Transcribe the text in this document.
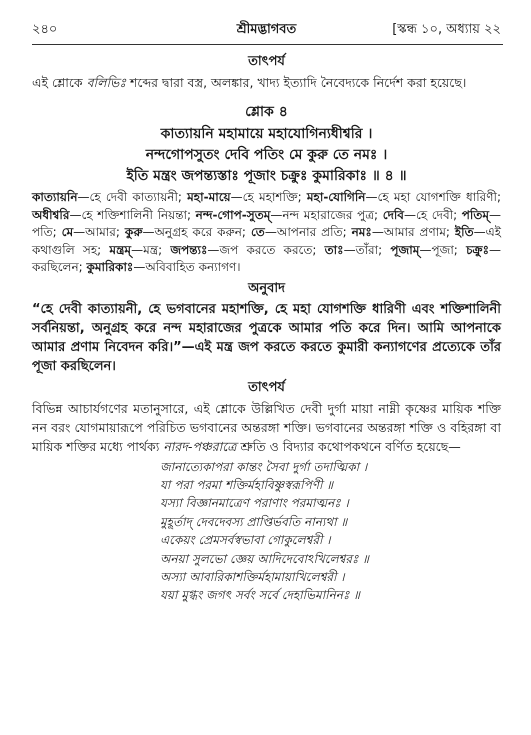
২৪০	শ্রীমদ্ভাগবত	[স্কন্ধ ১০, অধ্যায় ২২

তাৎপর্য

এই শ্লোকে বলিভিঃ শব্দের দ্বারা বস্ত্র, অলঙ্কার, খাদ্য ইত্যাদি নৈবেদ্যকে নির্দেশ করা হয়েছে।

শ্লোক ৪

কাত্যায়নি মহামায়ে মহাযোগিন্যধীশ্বরি ।

নন্দগোপসুতং দেবি পতিং মে কুরু তে নমঃ ।

ইতি মন্ত্রং জপন্ত্যস্তাঃ পূজাং চক্রুঃ কুমারিকাঃ ॥ ৪ ॥

কাত্যায়নি—হে দেবী কাত্যায়নী; মহা-মায়ে—হে মহাশক্তি; মহা-যোগিনি—হে মহা যোগশক্তি ধারিণী; অধীশ্বরি—হে শক্তিশালিনী নিয়ন্তা; নন্দ-গোপ-সুতম্—নন্দ মহারাজের পুত্র; দেবি—হে দেবী; পতিম্—পতি; মে—আমার; কুরু—অনুগ্রহ করে করুন; তে—আপনার প্রতি; নমঃ—আমার প্রণাম; ইতি—এই কথাগুলি সহ; মন্ত্রম্—মন্ত্র; জপন্ত্যঃ—জপ করতে করতে; তাঃ—তাঁরা; পূজাম্—পূজা; চক্রুঃ—করছিলেন; কুমারিকাঃ—অবিবাহিত কন্যাগণ।

অনুবাদ

“হে দেবী কাত্যায়নী, হে ভগবানের মহাশক্তি, হে মহা যোগশক্তি ধারিণী এবং শক্তিশালিনী সর্বনিয়ন্তা, অনুগ্রহ করে নন্দ মহারাজের পুত্রকে আমার পতি করে দিন। আমি আপনাকে আমার প্রণাম নিবেদন করি।”—এই মন্ত্র জপ করতে করতে কুমারী কন্যাগণের প্রত্যেকে তাঁর পূজা করছিলেন।

তাৎপর্য

বিভিন্ন আচার্যগণের মতানুসারে, এই শ্লোকে উল্লিখিত দেবী দুর্গা মায়া নাম্নী কৃষ্ণের মায়িক শক্তি নন বরং যোগমায়ারূপে পরিচিত ভগবানের অন্তরঙ্গা শক্তি। ভগবানের অন্তরঙ্গা শক্তি ও বহিরঙ্গা বা মায়িক শক্তির মধ্যে পার্থক্য নারদ-পঞ্চরাত্রে শ্রুতি ও বিদ্যার কথোপকথনে বর্ণিত হয়েছে—

জানাত্যেকাপরা কান্তং সৈবা দুর্গা তদাত্মিকা ।

যা পরা পরমা শক্তির্মহাবিষ্ণুস্বরূপিণী ॥

যস্যা বিজ্ঞানমাত্রেণ পরাণাং পরমাত্মনঃ ।

মুহূর্তাদ্ দেবদেবস্য প্রাপ্তির্ভবতি নান্যথা ॥

একেয়ং প্রেমসর্বস্বভাবা গোকুলেশ্বরী ।

অনয়া সুলভো জ্ঞেয় আদিদেবোঽখিলেশ্বরঃ ॥

অস্যা আবারিকাশক্তির্মহামায়াখিলেশ্বরী ।

যয়া মুগ্ধং জগৎ সর্বং সর্বে দেহাভিমানিনঃ ॥
